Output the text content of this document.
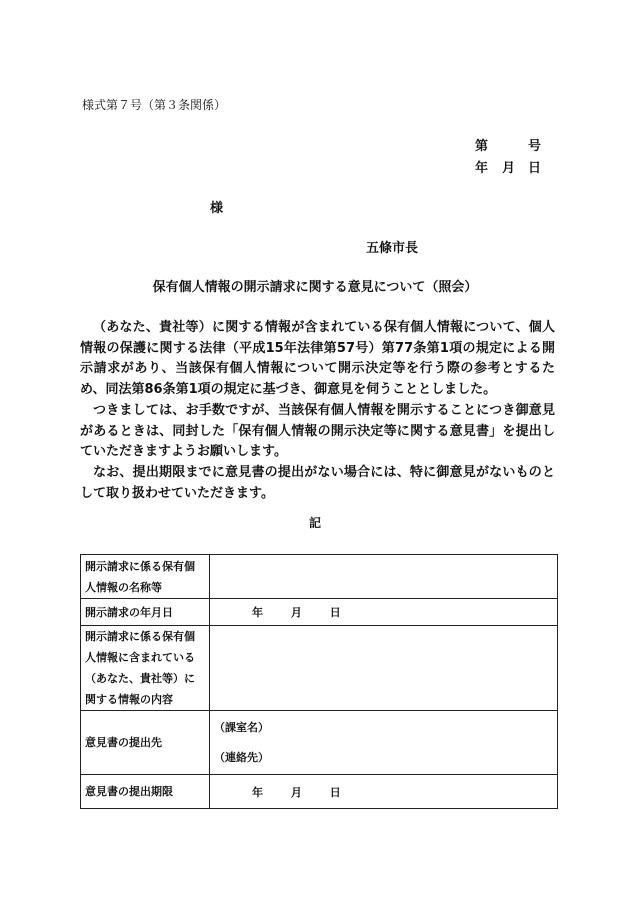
様式第７号（第３条関係）
第	号
年 月 日
様
五條市長
保有個人情報の開示請求に関する意見について（照会）

（あなた、貴社等）に関する情報が含まれている保有個人情報について、個人情報の保護に関する法律（平成15年法律第57号）第77条第1項の規定による開示請求があり、当該保有個人情報について開示決定等を行う際の参考とするため、同法第86条第1項の規定に基づき、御意見を伺うこととしました。

つきましては、お手数ですが、当該保有個人情報を開示することにつき御意見があるときは、同封した「保有個人情報の開示決定等に関する意見書」を提出していただきますようお願いします。

なお、提出期限までに意見書の提出がない場合には、特に御意見がないものとして取り扱わせていただきます。

記
開示請求に係る保有個
人情報の名称等	

開示請求の年月日	年 月 日

開示請求に係る保有個
人情報に含まれている
（あなた、貴社等）に
関する情報の内容	

意見書の提出先	（課室名）
（連絡先）

意見書の提出期限	年 月 日
